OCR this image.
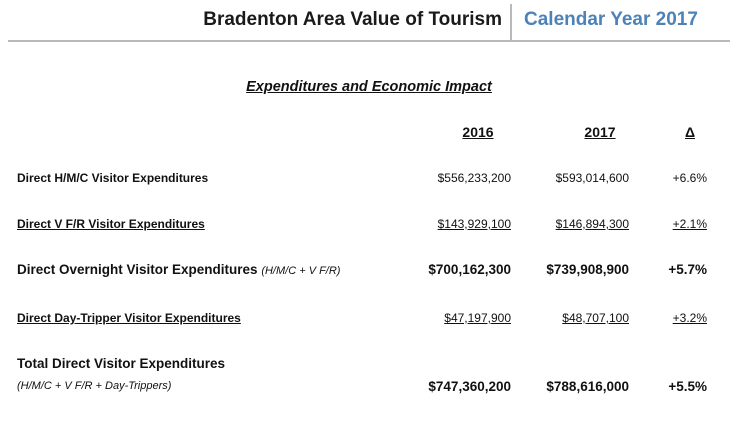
Bradenton Area Value of Tourism Calendar Year 2017
Expenditures and Economic Impact
2016	2017	Δ
Direct H/M/C Visitor Expenditures	$556,233,200	$593,014,600	+6.6%
Direct V F/R Visitor Expenditures	$143,929,100	$146,894,300	+2.1%
Direct Overnight Visitor Expenditures (H/M/C + V F/R)	$700,162,300	$739,908,900	+5.7%
Direct Day-Tripper Visitor Expenditures	$47,197,900	$48,707,100	+3.2%
Total Direct Visitor Expenditures
(H/M/C + V F/R + Day-Trippers)	$747,360,200	$788,616,000	+5.5%
